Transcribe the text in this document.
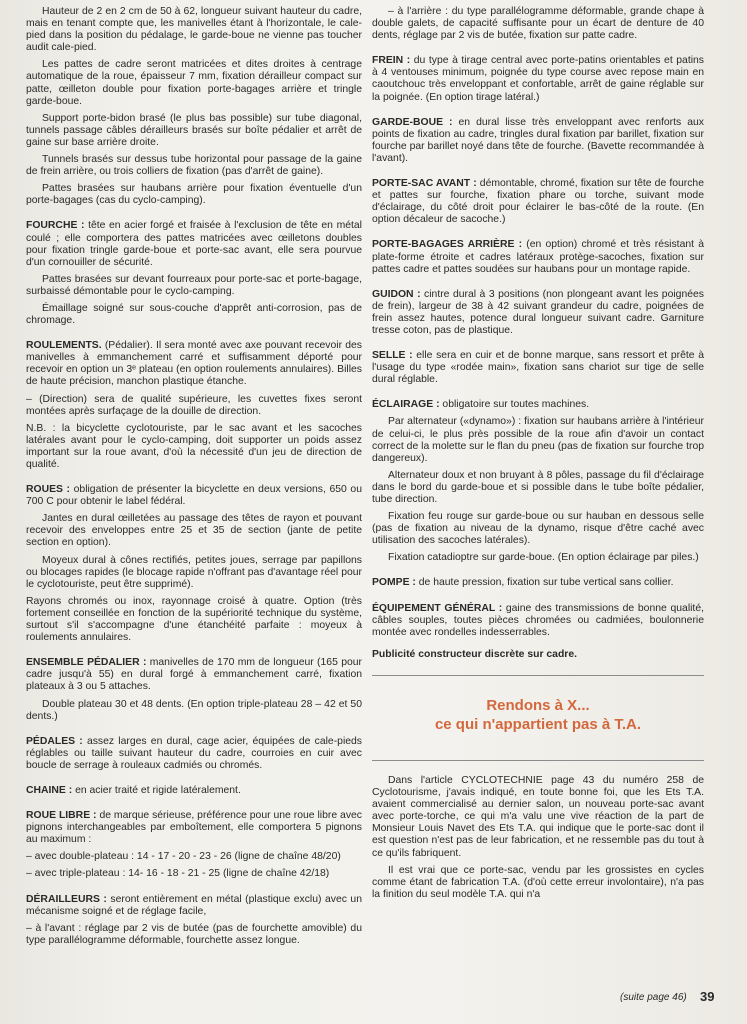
Hauteur de 2 en 2 cm de 50 à 62, longueur suivant hauteur du cadre, mais en tenant compte que, les manivelles étant à l'horizontale, le cale-pied dans la position du pédalage, le garde-boue ne vienne pas toucher audit cale-pied.

Les pattes de cadre seront matricées et dites droites à centrage automatique de la roue, épaisseur 7 mm, fixation dérailleur compact sur patte, œilleton double pour fixation porte-bagages arrière et tringle garde-boue.

Support porte-bidon brasé (le plus bas possible) sur tube diagonal, tunnels passage câbles dérailleurs brasés sur boîte pédalier et arrêt de gaine sur base arrière droite.

Tunnels brasés sur dessus tube horizontal pour passage de la gaine de frein arrière, ou trois colliers de fixation (pas d'arrêt de gaine).

Pattes brasées sur haubans arrière pour fixation éventuelle d'un porte-bagages (cas du cyclo-camping).

FOURCHE : tête en acier forgé et fraisée à l'exclusion de tête en métal coulé ; elle comportera des pattes matricées avec œilletons doubles pour fixation tringle garde-boue et porte-sac avant, elle sera pourvue d'un cornouiller de sécurité.

Pattes brasées sur devant fourreaux pour porte-sac et porte-bagage, surbaissé démontable pour le cyclo-camping.

Émaillage soigné sur sous-couche d'apprêt anti-corrosion, pas de chromage.

ROULEMENTS. (Pédalier). Il sera monté avec axe pouvant recevoir des manivelles à emmanchement carré et suffisamment déporté pour recevoir en option un 3ᵉ plateau (en option roulements annulaires). Billes de haute précision, manchon plastique étanche.

– (Direction) sera de qualité supérieure, les cuvettes fixes seront montées après surfaçage de la douille de direction.

N.B. : la bicyclette cyclotouriste, par le sac avant et les sacoches latérales avant pour le cyclo-camping, doit supporter un poids assez important sur la roue avant, d'où la nécessité d'un jeu de direction de qualité.

ROUES : obligation de présenter la bicyclette en deux versions, 650 ou 700 C pour obtenir le label fédéral.

Jantes en dural œilletées au passage des têtes de rayon et pouvant recevoir des enveloppes entre 25 et 35 de section (jante de petite section en option).

Moyeux dural à cônes rectifiés, petites joues, serrage par papillons ou blocages rapides (le blocage rapide n'offrant pas d'avantage réel pour le cyclotouriste, peut être supprimé).

Rayons chromés ou inox, rayonnage croisé à quatre. Option (très fortement conseillée en fonction de la supériorité technique du système, surtout s'il s'accompagne d'une étanchéité parfaite : moyeux à roulements annulaires.

ENSEMBLE PÉDALIER : manivelles de 170 mm de longueur (165 pour cadre jusqu'à 55) en dural forgé à emmanchement carré, fixation plateaux à 3 ou 5 attaches.

Double plateau 30 et 48 dents. (En option triple-plateau 28 – 42 et 50 dents.)

PÉDALES : assez larges en dural, cage acier, équipées de cale-pieds réglables ou taille suivant hauteur du cadre, courroies en cuir avec boucle de serrage à rouleaux cadmiés ou chromés.

CHAINE : en acier traité et rigide latéralement.

ROUE LIBRE : de marque sérieuse, préférence pour une roue libre avec pignons interchangeables par emboîtement, elle comportera 5 pignons au maximum :

– avec double-plateau : 14 - 17 - 20 - 23 - 26 (ligne de chaîne 48/20)

– avec triple-plateau : 14- 16 - 18 - 21 - 25 (ligne de chaîne 42/18)

DÉRAILLEURS : seront entièrement en métal (plastique exclu) avec un mécanisme soigné et de réglage facile,

– à l'avant : réglage par 2 vis de butée (pas de fourchette amovible) du type parallélogramme déformable, fourchette assez longue.

– à l'arrière : du type parallélogramme déformable, grande chape à double galets, de capacité suffisante pour un écart de denture de 40 dents, réglage par 2 vis de butée, fixation sur patte cadre.

FREIN : du type à tirage central avec porte-patins orientables et patins à 4 ventouses minimum, poignée du type course avec repose main en caoutchouc très enveloppant et confortable, arrêt de gaine réglable sur la poignée. (En option tirage latéral.)

GARDE-BOUE : en dural lisse très enveloppant avec renforts aux points de fixation au cadre, tringles dural fixation par barillet, fixation sur fourche par barillet noyé dans tête de fourche. (Bavette recommandée à l'avant).

PORTE-SAC AVANT : démontable, chromé, fixation sur tête de fourche et pattes sur fourche, fixation phare ou torche, suivant mode d'éclairage, du côté droit pour éclairer le bas-côté de la route. (En option décaleur de sacoche.)

PORTE-BAGAGES ARRIÈRE : (en option) chromé et très résistant à plate-forme étroite et cadres latéraux protège-sacoches, fixation sur pattes cadre et pattes soudées sur haubans pour un montage rapide.

GUIDON : cintre dural à 3 positions (non plongeant avant les poignées de frein), largeur de 38 à 42 suivant grandeur du cadre, poignées de frein assez hautes, potence dural longueur suivant cadre. Garniture tresse coton, pas de plastique.

SELLE : elle sera en cuir et de bonne marque, sans ressort et prête à l'usage du type «rodée main», fixation sans chariot sur tige de selle dural réglable.

ÉCLAIRAGE : obligatoire sur toutes machines.

Par alternateur («dynamo») : fixation sur haubans arrière à l'intérieur de celui-ci, le plus près possible de la roue afin d'avoir un contact correct de la molette sur le flan du pneu (pas de fixation sur fourche trop dangereux).

Alternateur doux et non bruyant à 8 pôles, passage du fil d'éclairage dans le bord du garde-boue et si possible dans le tube boîte pédalier, tube direction.

Fixation feu rouge sur garde-boue ou sur hauban en dessous selle (pas de fixation au niveau de la dynamo, risque d'être caché avec utilisation des sacoches latérales).

Fixation catadioptre sur garde-boue. (En option éclairage par piles.)

POMPE : de haute pression, fixation sur tube vertical sans collier.

ÉQUIPEMENT GÉNÉRAL : gaine des transmissions de bonne qualité, câbles souples, toutes pièces chromées ou cadmiées, boulonnerie montée avec rondelles indesserrables.

Publicité constructeur discrète sur cadre.

Rendons à X...
ce qui n'appartient pas à T.A.

Dans l'article CYCLOTECHNIE page 43 du numéro 258 de Cyclotourisme, j'avais indiqué, en toute bonne foi, que les Ets T.A. avaient commercialisé au dernier salon, un nouveau porte-sac avant avec porte-torche, ce qui m'a valu une vive réaction de la part de Monsieur Louis Navet des Ets T.A. qui indique que le porte-sac dont il est question n'est pas de leur fabrication, et ne ressemble pas du tout à ce qu'ils fabriquent.

Il est vrai que ce porte-sac, vendu par les grossistes en cycles comme étant de fabrication T.A. (d'où cette erreur involontaire), n'a pas la finition du seul modèle T.A. qui n'a

(suite page 46) 39
